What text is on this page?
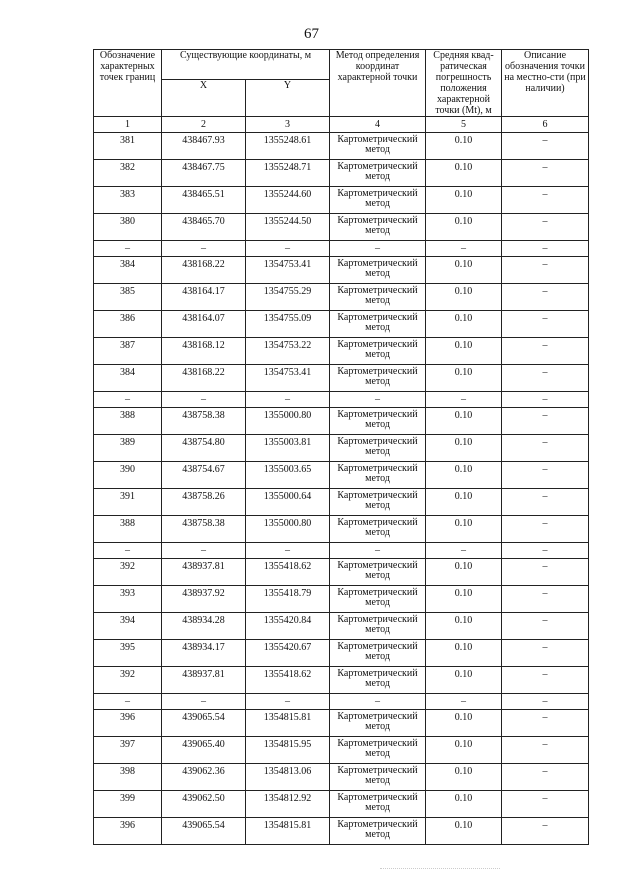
67
Обозначение характерных точек границ	Существующие координаты, м		Метод определения координат характерной точки	Средняя квад-ратическая погрешность положения характерной точки (Mt), м	Описание обозначения точки на местно-сти (при наличии)
	X	Y			
1	2	3	4	5	6
381	438467.93	1355248.61	Картометрический метод	0.10	–
382	438467.75	1355248.71	Картометрический метод	0.10	–
383	438465.51	1355244.60	Картометрический метод	0.10	–
380	438465.70	1355244.50	Картометрический метод	0.10	–
–	–	–	–	–	–
384	438168.22	1354753.41	Картометрический метод	0.10	–
385	438164.17	1354755.29	Картометрический метод	0.10	–
386	438164.07	1354755.09	Картометрический метод	0.10	–
387	438168.12	1354753.22	Картометрический метод	0.10	–
384	438168.22	1354753.41	Картометрический метод	0.10	–
–	–	–	–	–	–
388	438758.38	1355000.80	Картометрический метод	0.10	–
389	438754.80	1355003.81	Картометрический метод	0.10	–
390	438754.67	1355003.65	Картометрический метод	0.10	–
391	438758.26	1355000.64	Картометрический метод	0.10	–
388	438758.38	1355000.80	Картометрический метод	0.10	–
–	–	–	–	–	–
392	438937.81	1355418.62	Картометрический метод	0.10	–
393	438937.92	1355418.79	Картометрический метод	0.10	–
394	438934.28	1355420.84	Картометрический метод	0.10	–
395	438934.17	1355420.67	Картометрический метод	0.10	–
392	438937.81	1355418.62	Картометрический метод	0.10	–
–	–	–	–	–	–
396	439065.54	1354815.81	Картометрический метод	0.10	–
397	439065.40	1354815.95	Картометрический метод	0.10	–
398	439062.36	1354813.06	Картометрический метод	0.10	–
399	439062.50	1354812.92	Картометрический метод	0.10	–
396	439065.54	1354815.81	Картометрический метод	0.10	–
